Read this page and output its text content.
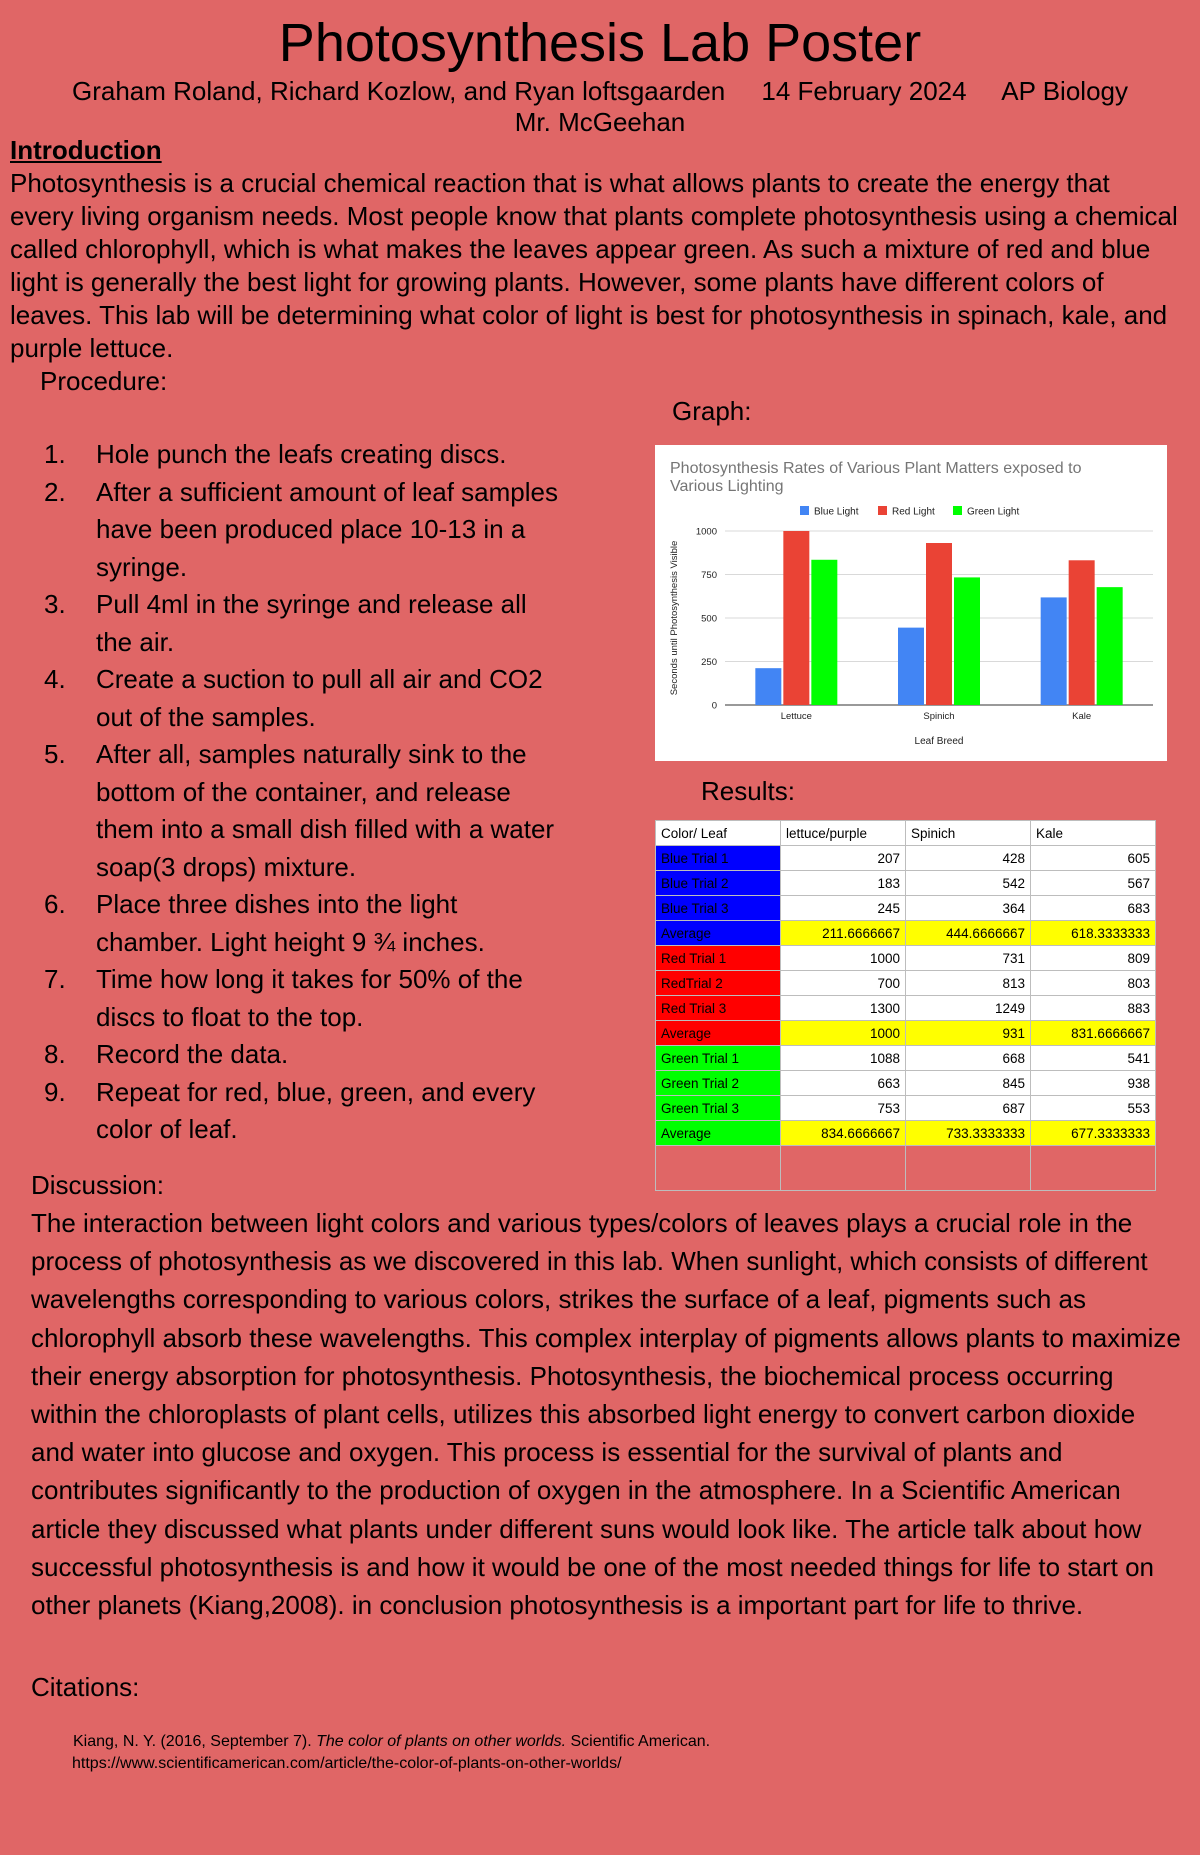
Photosynthesis Lab Poster
Graham Roland, Richard Kozlow, and Ryan loftsgaarden     14 February 2024     AP Biology
Mr. McGeehan
Introduction
Photosynthesis is a crucial chemical reaction that is what allows plants to create the energy that every living organism needs. Most people know that plants complete photosynthesis using a chemical called chlorophyll, which is what makes the leaves appear green. As such a mixture of red and blue light is generally the best light for growing plants. However, some plants have different colors of leaves. This lab will be determining what color of light is best for photosynthesis in spinach, kale, and purple lettuce.
Procedure:
1. Hole punch the leafs creating discs.
2. After a sufficient amount of leaf samples have been produced place 10-13 in a syringe.
3. Pull 4ml in the syringe and release all the air.
4. Create a suction to pull all air and CO2 out of the samples.
5. After all, samples naturally sink to the bottom of the container, and release them into a small dish filled with a water soap(3 drops) mixture.
6. Place three dishes into the light chamber. Light height 9 ¾ inches.
7. Time how long it takes for 50% of the discs to float to the top.
8. Record the data.
9. Repeat for red, blue, green, and every color of leaf.
Graph:
Photosynthesis Rates of Various Plant Matters exposed to
Various Lighting
Blue Light	Red Light	Green Light
0
250
500
750
1000
Lettuce	Spinich	Kale
Leaf Breed
Seconds until Photosynthesis Visible
Results:
Color/ Leaf	lettuce/purple	Spinich	Kale
Blue Trial 1	207	428	605
Blue Trial 2	183	542	567
Blue Trial 3	245	364	683
Average	211.6666667	444.6666667	618.3333333
Red Trial 1	1000	731	809
RedTrial 2	700	813	803
Red Trial 3	1300	1249	883
Average	1000	931	831.6666667
Green Trial 1	1088	668	541
Green Trial 2	663	845	938
Green Trial 3	753	687	553
Average	834.6666667	733.3333333	677.3333333

Discussion:
The interaction between light colors and various types/colors of leaves plays a crucial role in the process of photosynthesis as we discovered in this lab. When sunlight, which consists of different wavelengths corresponding to various colors, strikes the surface of a leaf, pigments such as chlorophyll absorb these wavelengths. This complex interplay of pigments allows plants to maximize their energy absorption for photosynthesis. Photosynthesis, the biochemical process occurring within the chloroplasts of plant cells, utilizes this absorbed light energy to convert carbon dioxide and water into glucose and oxygen. This process is essential for the survival of plants and contributes significantly to the production of oxygen in the atmosphere. In a Scientific American article they discussed what plants under different suns would look like. The article talk about how successful photosynthesis is and how it would be one of the most needed things for life to start on other planets (Kiang,2008). in conclusion photosynthesis is a important part for life to thrive.
Citations:
Kiang, N. Y. (2016, September 7). The color of plants on other worlds. Scientific American.
https://www.scientificamerican.com/article/the-color-of-plants-on-other-worlds/
